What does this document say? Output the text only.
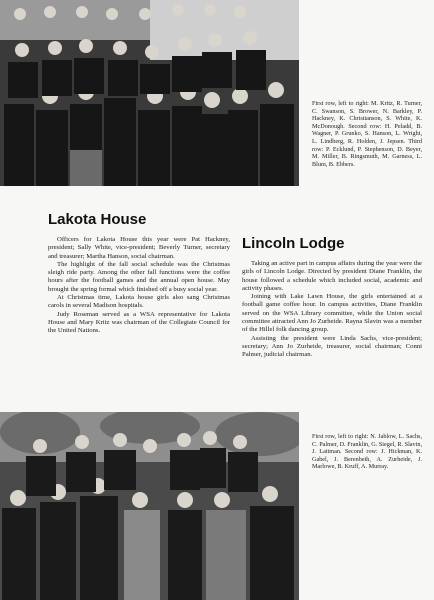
First row, left to right: M. Kritz, R. Turner, C. Swanson, S. Brower, N. Barkley, P. Hackney, K. Christianson, S. White, K. McDonough. Second row: H. Peladd, B. Wagner, P. Grunko, S. Hanson, L. Wright, L. Lindberg, R. Holden, J. Jepsen. Third row: P. Ecklund, P. Stephenson, D. Beyer, M. Miller, B. Ringsmuth, M. Garness, L. Blum, B. Ebbers.
Lakota House

Officers for Lakota House this year were Pat Hackney, president; Sally White, vice-president; Beverly Turner, secretary and treasurer; Martha Hanson, social chairman.

The highlight of the fall social schedule was the Christmas sleigh ride party. Among the other fall functions were the coffee hours after the football games and the annual open house. May brought the spring formal which finished off a busy social year.

At Christmas time, Lakota house girls also sang Christmas carols in several Madison hospitals.

Judy Roseman served as a WSA representative for Lakota House and Mary Kritz was chairman of the Collegiate Council for the United Nations.

Lincoln Lodge

Taking an active part in campus affairs during the year were the girls of Lincoln Lodge. Directed by president Diane Franklin, the house followed a schedule which included social, academic and activity phases.

Joining with Lake Lawn House, the girls entertained at a football game coffee hour. In campus activities, Diane Franklin served on the WSA Library committee, while the Union social committee attracted Ann Jo Zurheide. Rayna Slavin was a member of the Hillel folk dancing group.

Assisting the president were Linda Sachs, vice-president; secretary; Ann Jo Zurheide, treasurer, social chairman; Conni Palmer, judicial chairman.

First row, left to right: N. Jablow, L. Sachs, C. Palmer, D. Franklin, G. Siegel, R. Slavin, J. Laitman. Second row: J. Hickman, K. Gabel, J. Berenbeth, A. Zurheide, J. Marlowe, B. Kruff, A. Murray.
